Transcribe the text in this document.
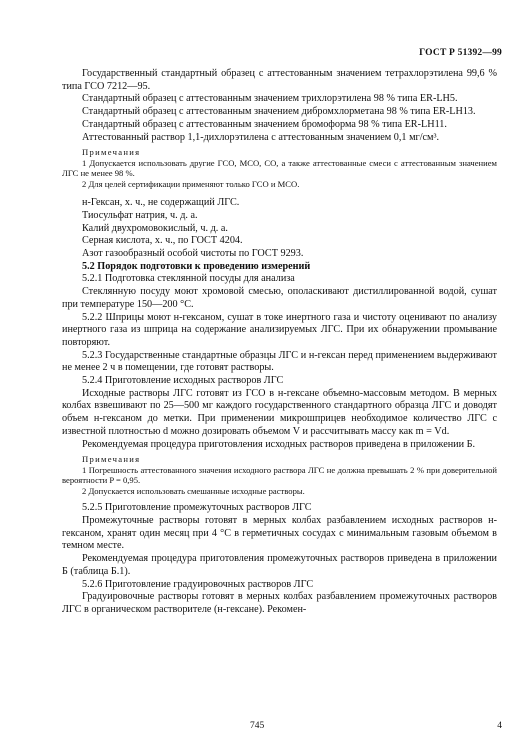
ГОСТ Р 51392—99

Государственный стандартный образец с аттестованным значением тетрахлорэтилена 99,6 % типа ГСО 7212—95.

Стандартный образец с аттестованным значением трихлорэтилена 98 % типа ER-LH5.

Стандартный образец с аттестованным значением дибромхлорметана 98 % типа ER-LH13.

Стандартный образец с аттестованным значением бромоформа 98 % типа ER-LH11.

Аттестованный раствор 1,1-дихлорэтилена с аттестованным значением 0,1 мг/см³.

Примечания

1 Допускается использовать другие ГСО, МСО, СО, а также аттестованные смеси с аттестованным значением ЛГС не менее 98 %.

2 Для целей сертификации применяют только ГСО и МСО.

н-Гексан, х. ч., не содержащий ЛГС.

Тиосульфат натрия, ч. д. а.

Калий двухромовокислый, ч. д. а.

Серная кислота, х. ч., по ГОСТ 4204.

Азот газообразный особой чистоты по ГОСТ 9293.

5.2 Порядок подготовки к проведению измерений

5.2.1 Подготовка стеклянной посуды для анализа

Стеклянную посуду моют хромовой смесью, ополаскивают дистиллированной водой, сушат при температуре 150—200 °С.

5.2.2 Шприцы моют н-гексаном, сушат в токе инертного газа и чистоту оценивают по анализу инертного газа из шприца на содержание анализируемых ЛГС. При их обнаружении промывание повторяют.

5.2.3 Государственные стандартные образцы ЛГС и н-гексан перед применением выдерживают не менее 2 ч в помещении, где готовят растворы.

5.2.4 Приготовление исходных растворов ЛГС

Исходные растворы ЛГС готовят из ГСО в н-гексане объемно-массовым методом. В мерных колбах взвешивают по 25—500 мг каждого государственного стандартного образца ЛГС и доводят объем н-гексаном до метки. При применении микрошприцев необходимое количество ЛГС с известной плотностью d можно дозировать объемом V и рассчитывать массу как m = Vd.

Рекомендуемая процедура приготовления исходных растворов приведена в приложении Б.

Примечания

1 Погрешность аттестованного значения исходного раствора ЛГС не должна превышать 2 % при доверительной вероятности P = 0,95.

2 Допускается использовать смешанные исходные растворы.

5.2.5 Приготовление промежуточных растворов ЛГС

Промежуточные растворы готовят в мерных колбах разбавлением исходных растворов н-гексаном, хранят один месяц при 4 °С в герметичных сосудах с минимальным газовым объемом в темном месте.

Рекомендуемая процедура приготовления промежуточных растворов приведена в приложении Б (таблица Б.1).

5.2.6 Приготовление градуировочных растворов ЛГС

Градуировочные растворы готовят в мерных колбах разбавлением промежуточных растворов ЛГС в органическом растворителе (н-гексане). Рекомен-

745	4
